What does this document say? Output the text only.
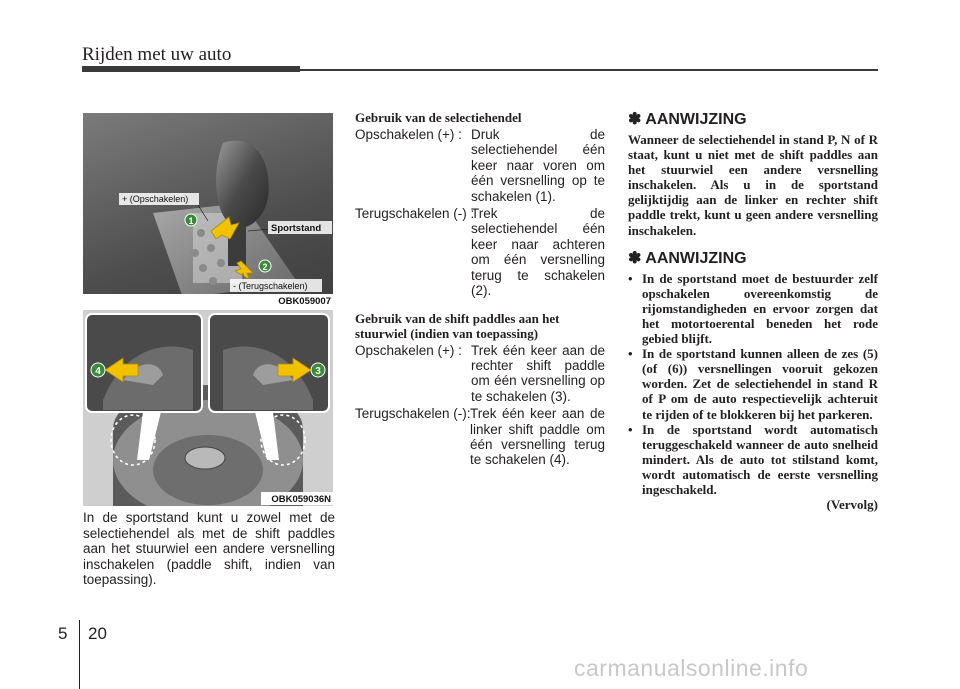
Rijden met uw auto
1
2
+ (Opschakelen)
Sportstand
- (Terugschakelen)
OBK059007
4	3
OBK059036N
In de sportstand kunt u zowel met de selectiehendel als met de shift paddles aan het stuurwiel een andere versnelling inschakelen (paddle shift, indien van toepassing).
Gebruik van de selectiehendel
Opschakelen (+) : Druk de selectiehendel één keer naar voren om één versnelling op te schakelen (1).
Terugschakelen (-) :
Trek de selectiehendel één keer naar achteren om één versnelling terug te schakelen (2).
Gebruik van de shift paddles aan het stuurwiel (indien van toepassing)
Opschakelen (+) : Trek één keer aan de rechter shift paddle om één versnelling op te schakelen (3).
Terugschakelen (-): Trek één keer aan de linker shift paddle om één versnelling terug te schakelen (4).
✽ AANWIJZING
Wanneer de selectiehendel in stand P, N of R staat, kunt u niet met de shift paddles aan het stuurwiel een andere versnelling inschakelen. Als u in de sportstand gelijktijdig aan de linker en rechter shift paddle trekt, kunt u geen andere versnelling inschakelen.
✽ AANWIJZING
• In de sportstand moet de bestuurder zelf opschakelen overeenkomstig de rijomstandigheden en ervoor zorgen dat het motortoerental beneden het rode gebied blijft.
• In de sportstand kunnen alleen de zes (5) (of (6)) versnellingen vooruit gekozen worden. Zet de selectiehendel in stand R of P om de auto respectievelijk achteruit te rijden of te blokkeren bij het parkeren.
• In de sportstand wordt automatisch teruggeschakeld wanneer de auto snelheid mindert. Als de auto tot stilstand komt, wordt automatisch de eerste versnelling ingeschakeld.
(Vervolg)
5 20
carmanualsonline.info
